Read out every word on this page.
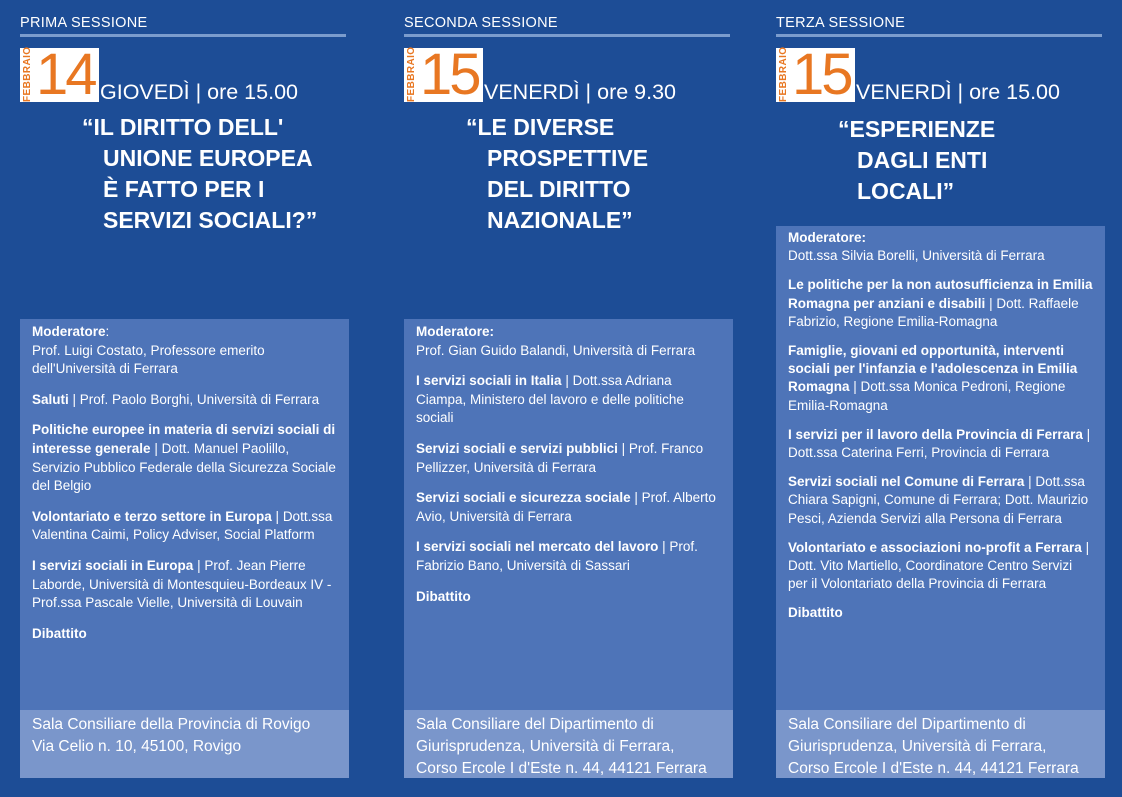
PRIMA SESSIONE
FEBBRAIO 14 GIOVEDÌ | ore 15.00
“IL DIRITTO DELL'
UNIONE EUROPEA
È FATTO PER I
SERVIZI SOCIALI?”
Moderatore:
Prof. Luigi Costato, Professore emerito dell'Università di Ferrara
Saluti | Prof. Paolo Borghi, Università di Ferrara
Politiche europee in materia di servizi sociali di interesse generale | Dott. Manuel Paolillo, Servizio Pubblico Federale della Sicurezza Sociale del Belgio
Volontariato e terzo settore in Europa | Dott.ssa Valentina Caimi, Policy Adviser, Social Platform
I servizi sociali in Europa | Prof. Jean Pierre Laborde, Università di Montesquieu-Bordeaux IV - Prof.ssa Pascale Vielle, Università di Louvain
Dibattito
Sala Consiliare della Provincia di Rovigo
Via Celio n. 10, 45100, Rovigo
SECONDA SESSIONE
FEBBRAIO 15 VENERDÌ | ore 9.30
“LE DIVERSE
PROSPETTIVE
DEL DIRITTO
NAZIONALE”
Moderatore:
Prof. Gian Guido Balandi, Università di Ferrara
I servizi sociali in Italia | Dott.ssa Adriana Ciampa, Ministero del lavoro e delle politiche sociali
Servizi sociali e servizi pubblici | Prof. Franco Pellizzer, Università di Ferrara
Servizi sociali e sicurezza sociale | Prof. Alberto Avio, Università di Ferrara
I servizi sociali nel mercato del lavoro | Prof. Fabrizio Bano, Università di Sassari
Dibattito
Sala Consiliare del Dipartimento di
Giurisprudenza, Università di Ferrara,
Corso Ercole I d'Este n. 44, 44121 Ferrara
TERZA SESSIONE
FEBBRAIO 15 VENERDÌ | ore 15.00
“ESPERIENZE
DAGLI ENTI
LOCALI”
Moderatore:
Dott.ssa Silvia Borelli, Università di Ferrara
Le politiche per la non autosufficienza in Emilia Romagna per anziani e disabili | Dott. Raffaele Fabrizio, Regione Emilia-Romagna
Famiglie, giovani ed opportunità, interventi sociali per l'infanzia e l'adolescenza in Emilia Romagna | Dott.ssa Monica Pedroni, Regione Emilia-Romagna
I servizi per il lavoro della Provincia di Ferrara | Dott.ssa Caterina Ferri, Provincia di Ferrara
Servizi sociali nel Comune di Ferrara | Dott.ssa Chiara Sapigni, Comune di Ferrara; Dott. Maurizio Pesci, Azienda Servizi alla Persona di Ferrara
Volontariato e associazioni no-profit a Ferrara | Dott. Vito Martiello, Coordinatore Centro Servizi per il Volontariato della Provincia di Ferrara
Dibattito
Sala Consiliare del Dipartimento di
Giurisprudenza, Università di Ferrara,
Corso Ercole I d'Este n. 44, 44121 Ferrara
